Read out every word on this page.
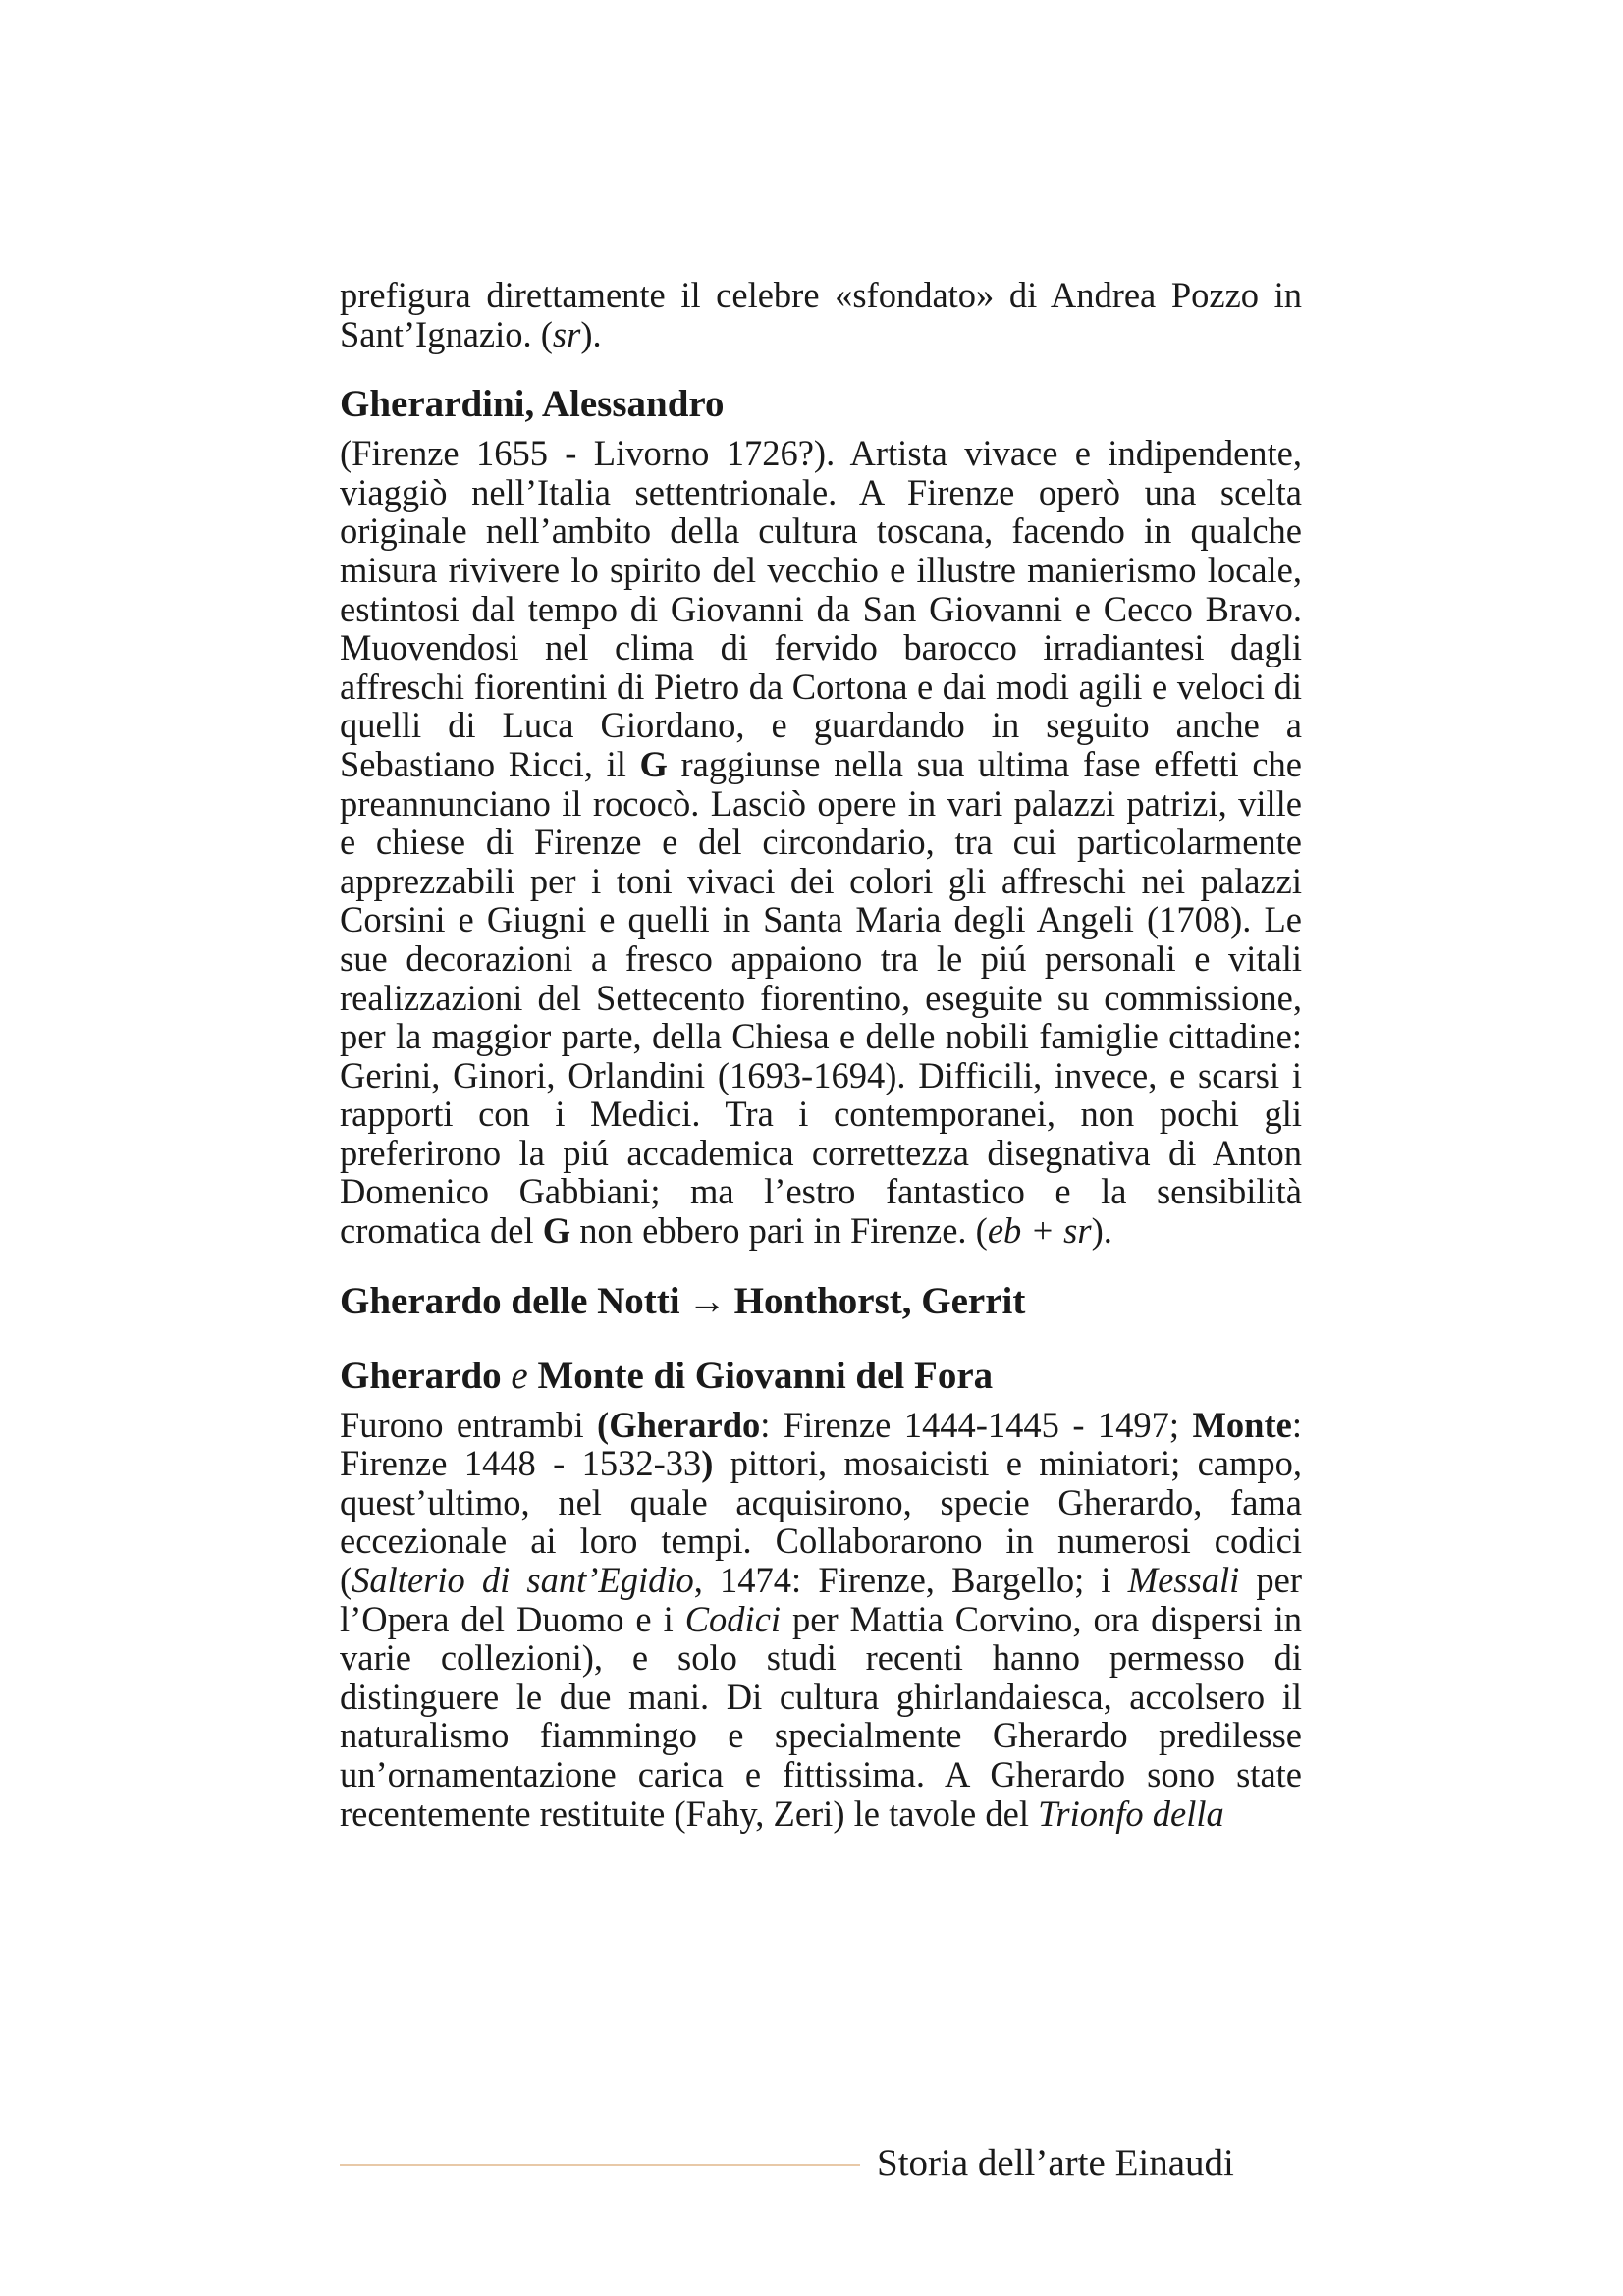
prefigura direttamente il celebre «sfondato» di Andrea Pozzo in Sant’Ignazio. (sr).

Gherardini, Alessandro

(Firenze 1655 - Livorno 1726?). Artista vivace e indipendente, viaggiò nell’Italia settentrionale. A Firenze operò una scelta originale nell’ambito della cultura toscana, facendo in qualche misura rivivere lo spirito del vecchio e illustre manierismo locale, estintosi dal tempo di Giovanni da San Giovanni e Cecco Bravo. Muovendosi nel clima di fervido barocco irradiantesi dagli affreschi fiorentini di Pietro da Cortona e dai modi agili e veloci di quelli di Luca Giordano, e guardando in seguito anche a Sebastiano Ricci, il G raggiunse nella sua ultima fase effetti che preannunciano il rococò. Lasciò opere in vari palazzi patrizi, ville e chiese di Firenze e del circondario, tra cui particolarmente apprezzabili per i toni vivaci dei colori gli affreschi nei palazzi Corsini e Giugni e quelli in Santa Maria degli Angeli (1708). Le sue decorazioni a fresco appaiono tra le piú personali e vitali realizzazioni del Settecento fiorentino, eseguite su commissione, per la maggior parte, della Chiesa e delle nobili famiglie cittadine: Gerini, Ginori, Orlandini (1693-1694). Difficili, invece, e scarsi i rapporti con i Medici. Tra i contemporanei, non pochi gli preferirono la piú accademica correttezza disegnativa di Anton Domenico Gabbiani; ma l’estro fantastico e la sensibilità cromatica del G non ebbero pari in Firenze. (eb + sr).

Gherardo delle Notti → Honthorst, Gerrit
Gherardo e Monte di Giovanni del Fora

Furono entrambi (Gherardo: Firenze 1444-1445 - 1497; Monte: Firenze 1448 - 1532-33) pittori, mosaicisti e miniatori; campo, quest’ultimo, nel quale acquisirono, specie Gherardo, fama eccezionale ai loro tempi. Collaborarono in numerosi codici (Salterio di sant’Egidio, 1474: Firenze, Bargello; i Messali per l’Opera del Duomo e i Codici per Mattia Corvino, ora dispersi in varie collezioni), e solo studi recenti hanno permesso di distinguere le due mani. Di cultura ghirlandaiesca, accolsero il naturalismo fiammingo e specialmente Gherardo predilesse un’ornamentazione carica e fittissima. A Gherardo sono state recentemente restituite (Fahy, Zeri) le tavole del Trionfo della

Storia dell’arte Einaudi
